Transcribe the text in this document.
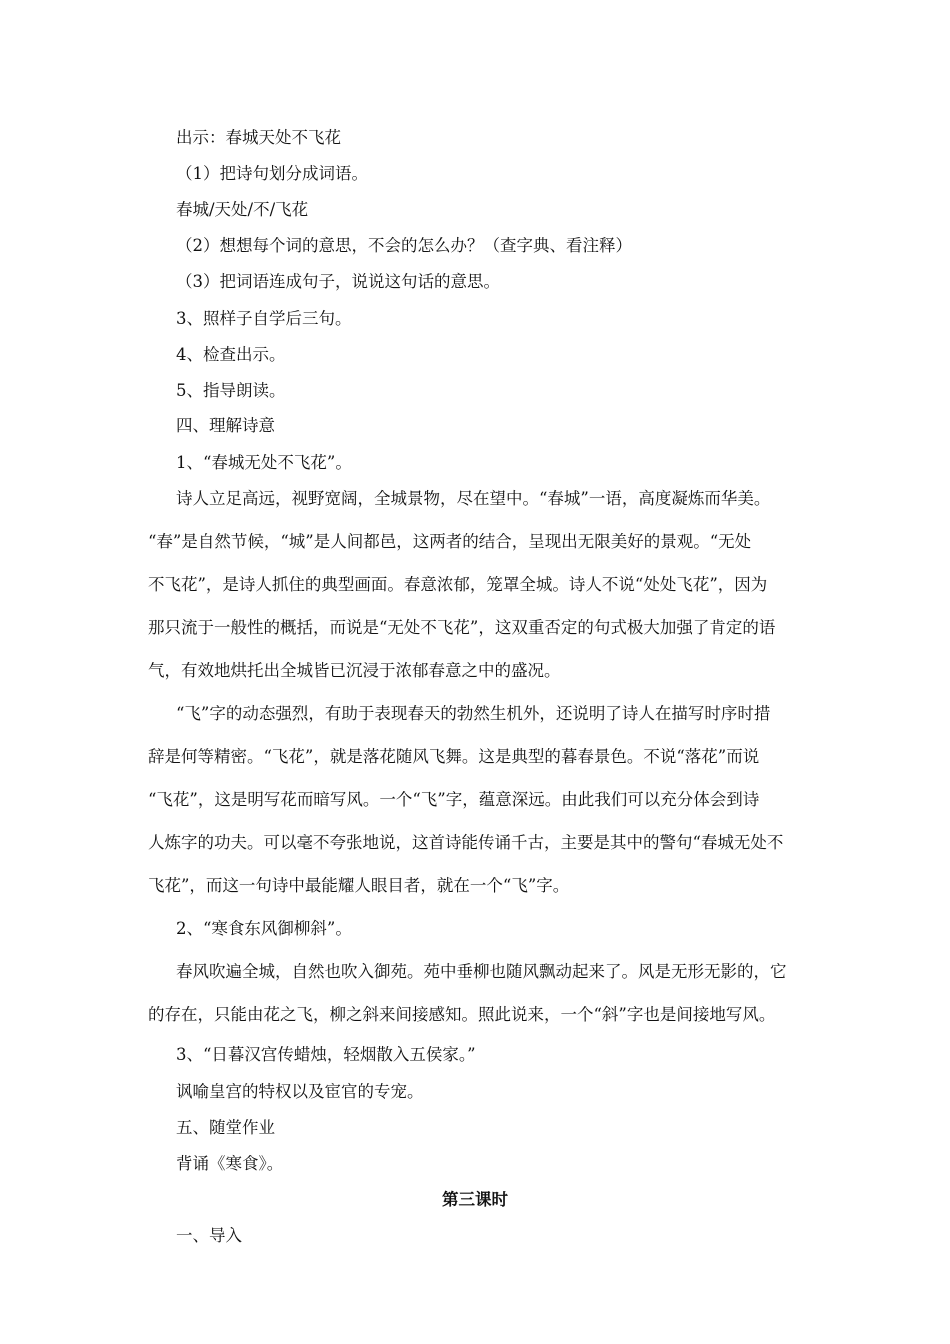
出示：春城天处不飞花
（1）把诗句划分成词语。
春城/天处/不/飞花
（2）想想每个词的意思，不会的怎么办？（查字典、看注释）
（3）把词语连成句子，说说这句话的意思。
3、照样子自学后三句。
4、检查出示。
5、指导朗读。
四、理解诗意
1、“春城无处不飞花”。
诗人立足高远，视野宽阔，全城景物，尽在望中。“春城”一语，高度凝炼而华美。
“春”是自然节候，“城”是人间都邑，这两者的结合，呈现出无限美好的景观。“无处
不飞花”，是诗人抓住的典型画面。春意浓郁，笼罩全城。诗人不说“处处飞花”，因为
那只流于一般性的概括，而说是“无处不飞花”，这双重否定的句式极大加强了肯定的语
气，有效地烘托出全城皆已沉浸于浓郁春意之中的盛况。
“飞”字的动态强烈，有助于表现春天的勃然生机外，还说明了诗人在描写时序时措
辞是何等精密。“飞花”，就是落花随风飞舞。这是典型的暮春景色。不说“落花”而说
“飞花”，这是明写花而暗写风。一个“飞”字，蕴意深远。由此我们可以充分体会到诗
人炼字的功夫。可以毫不夸张地说，这首诗能传诵千古，主要是其中的警句“春城无处不
飞花”，而这一句诗中最能耀人眼目者，就在一个“飞”字。
2、“寒食东风御柳斜”。
春风吹遍全城，自然也吹入御苑。苑中垂柳也随风飘动起来了。风是无形无影的，它
的存在，只能由花之飞，柳之斜来间接感知。照此说来，一个“斜”字也是间接地写风。
3、“日暮汉宫传蜡烛，轻烟散入五侯家。”
讽喻皇宫的特权以及宦官的专宠。
五、随堂作业
背诵《寒食》。
第三课时
一、导入
